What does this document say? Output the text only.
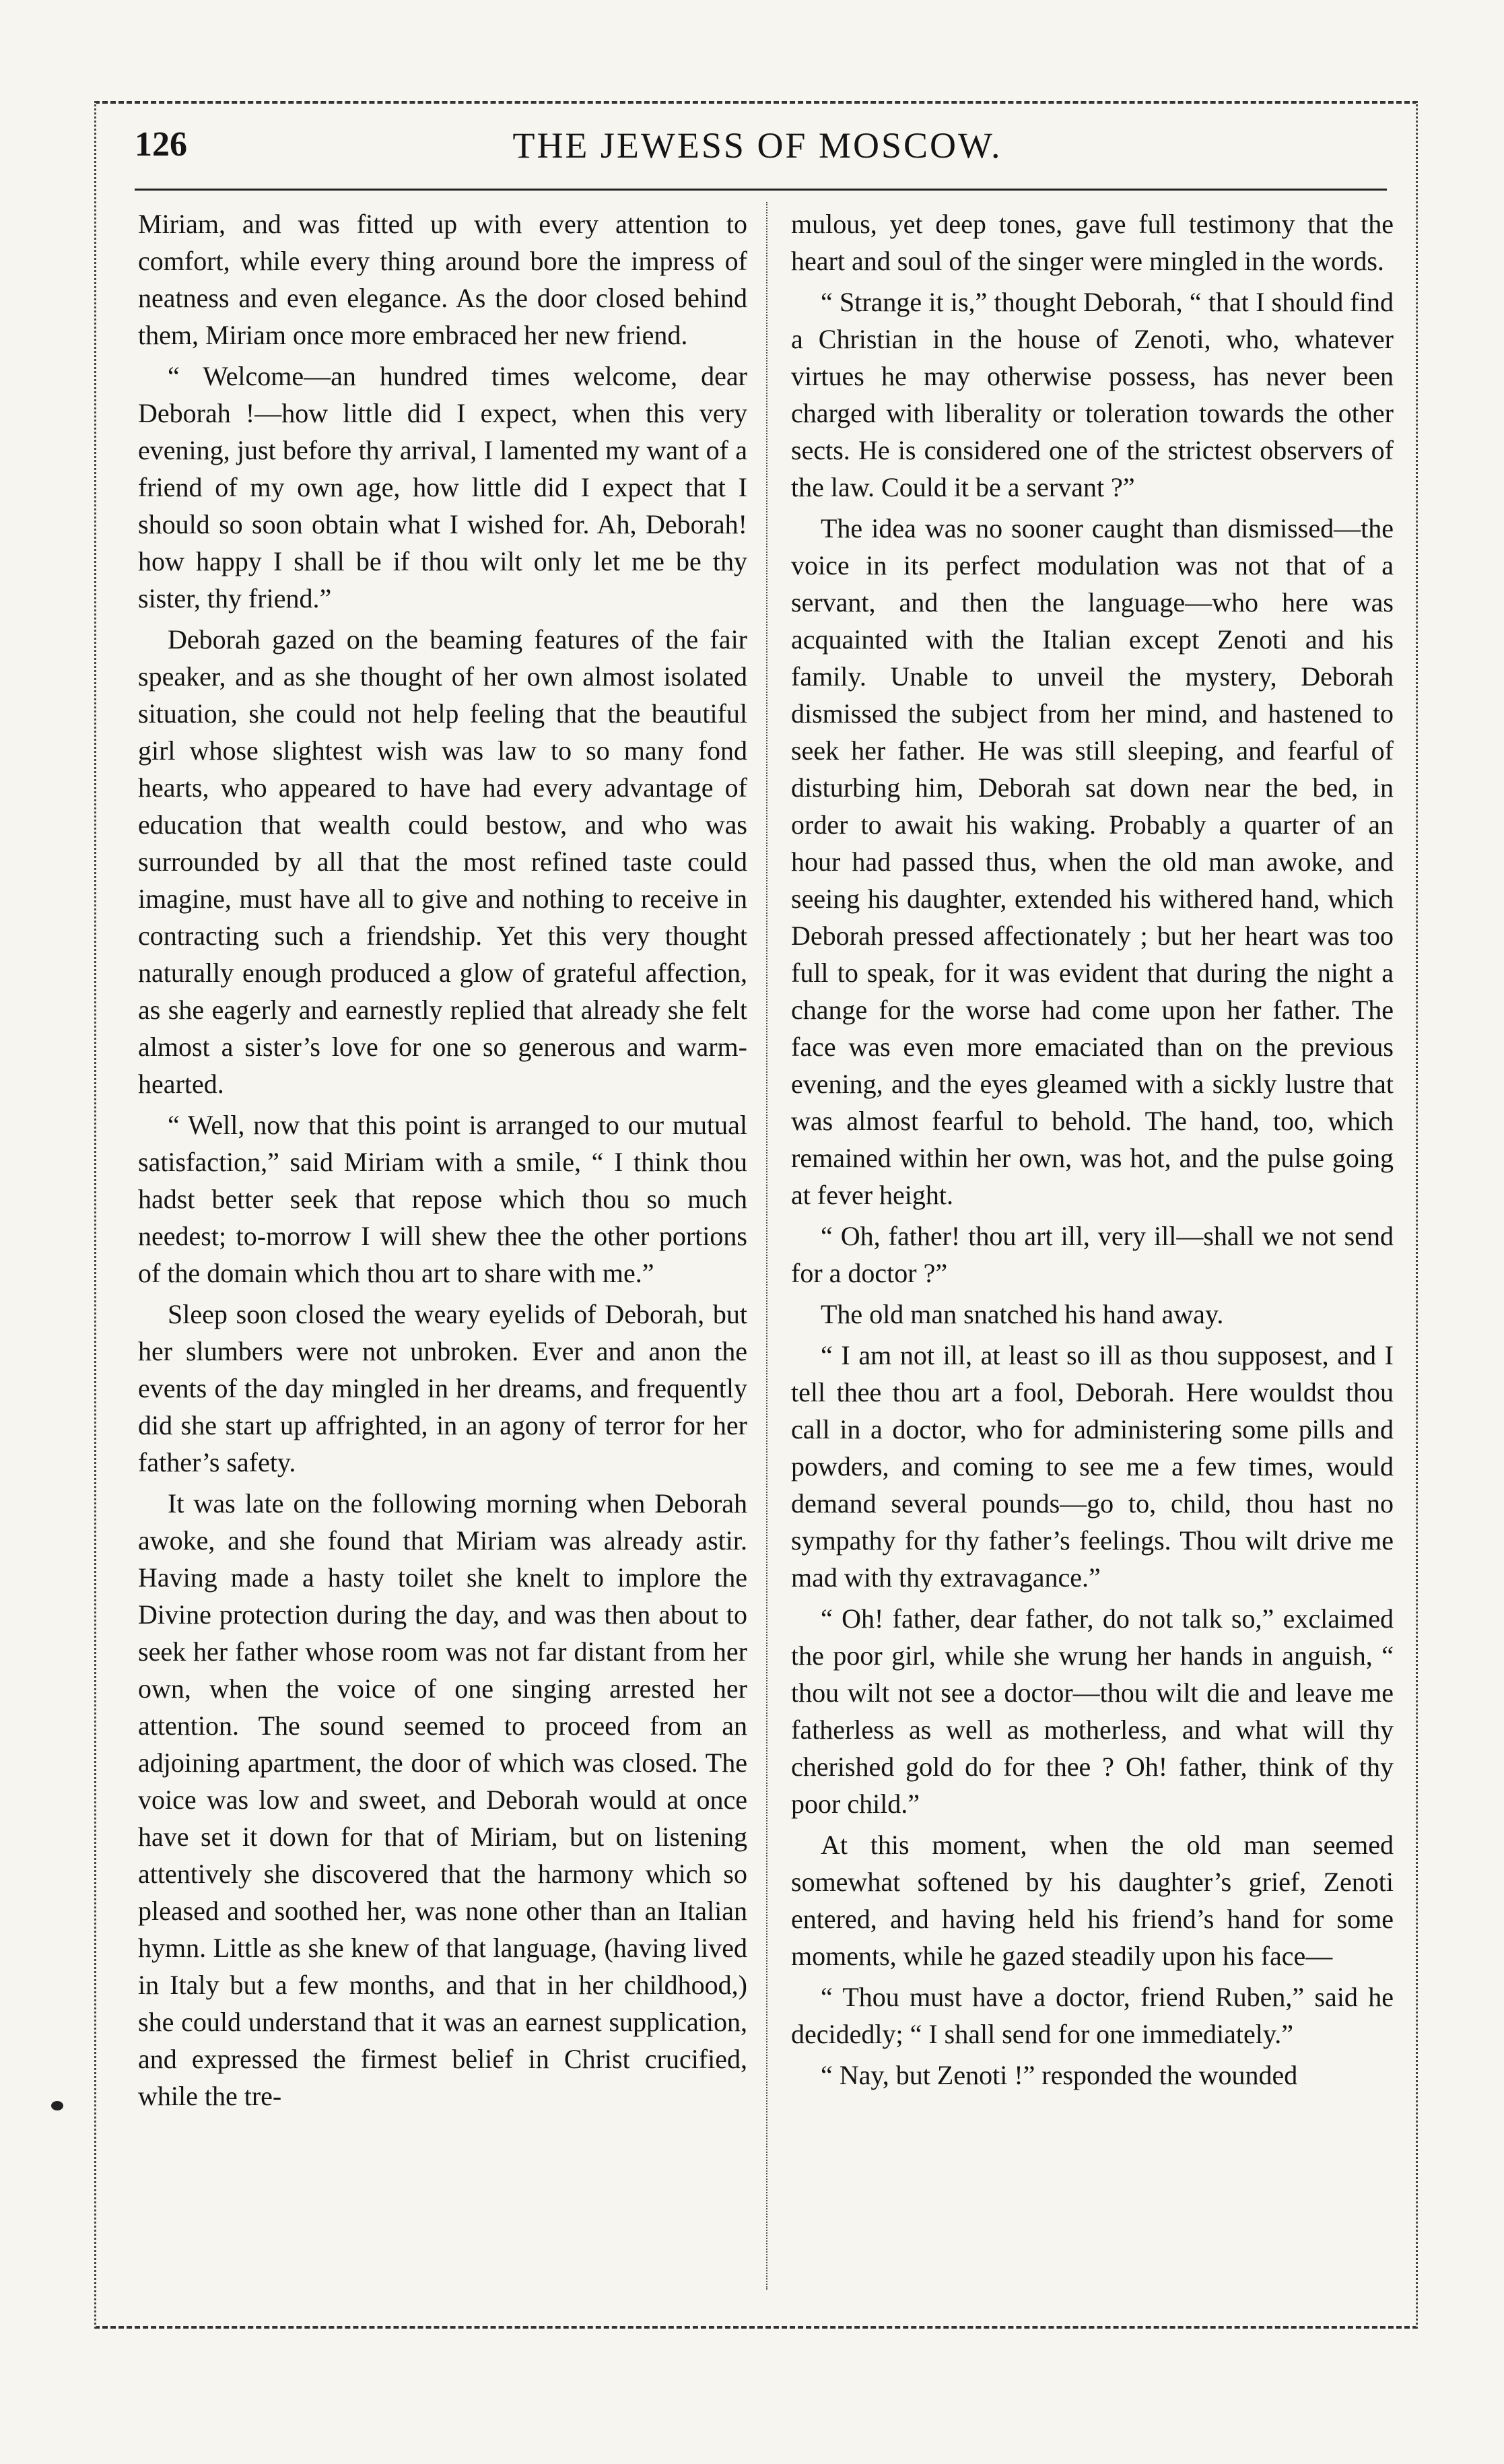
126	THE JEWESS OF MOSCOW.

Miriam, and was fitted up with every attention to comfort, while every thing around bore the impress of neatness and even elegance. As the door closed behind them, Miriam once more embraced her new friend.

“ Welcome—an hundred times welcome, dear Deborah !—how little did I expect, when this very evening, just before thy arrival, I lamented my want of a friend of my own age, how little did I expect that I should so soon obtain what I wished for. Ah, Deborah! how happy I shall be if thou wilt only let me be thy sister, thy friend.”

Deborah gazed on the beaming features of the fair speaker, and as she thought of her own almost isolated situation, she could not help feeling that the beautiful girl whose slightest wish was law to so many fond hearts, who appeared to have had every advantage of education that wealth could bestow, and who was surrounded by all that the most refined taste could imagine, must have all to give and nothing to receive in contracting such a friendship. Yet this very thought naturally enough produced a glow of grateful affection, as she eagerly and earnestly replied that already she felt almost a sister’s love for one so generous and warm-hearted.

“ Well, now that this point is arranged to our mutual satisfaction,” said Miriam with a smile, “ I think thou hadst better seek that repose which thou so much needest; to-morrow I will shew thee the other portions of the domain which thou art to share with me.”

Sleep soon closed the weary eyelids of Deborah, but her slumbers were not unbroken. Ever and anon the events of the day mingled in her dreams, and frequently did she start up affrighted, in an agony of terror for her father’s safety.

It was late on the following morning when Deborah awoke, and she found that Miriam was already astir. Having made a hasty toilet she knelt to implore the Divine protection during the day, and was then about to seek her father whose room was not far distant from her own, when the voice of one singing arrested her attention. The sound seemed to proceed from an adjoining apartment, the door of which was closed. The voice was low and sweet, and Deborah would at once have set it down for that of Miriam, but on listening attentively she discovered that the harmony which so pleased and soothed her, was none other than an Italian hymn. Little as she knew of that language, (having lived in Italy but a few months, and that in her childhood,) she could understand that it was an earnest supplication, and expressed the firmest belief in Christ crucified, while the tre-

mulous, yet deep tones, gave full testimony that the heart and soul of the singer were mingled in the words.

“ Strange it is,” thought Deborah, “ that I should find a Christian in the house of Zenoti, who, whatever virtues he may otherwise possess, has never been charged with liberality or toleration towards the other sects. He is considered one of the strictest observers of the law. Could it be a servant ?”

The idea was no sooner caught than dismissed—the voice in its perfect modulation was not that of a servant, and then the language—who here was acquainted with the Italian except Zenoti and his family. Unable to unveil the mystery, Deborah dismissed the subject from her mind, and hastened to seek her father. He was still sleeping, and fearful of disturbing him, Deborah sat down near the bed, in order to await his waking. Probably a quarter of an hour had passed thus, when the old man awoke, and seeing his daughter, extended his withered hand, which Deborah pressed affectionately ; but her heart was too full to speak, for it was evident that during the night a change for the worse had come upon her father. The face was even more emaciated than on the previous evening, and the eyes gleamed with a sickly lustre that was almost fearful to behold. The hand, too, which remained within her own, was hot, and the pulse going at fever height.

“ Oh, father! thou art ill, very ill—shall we not send for a doctor ?”

The old man snatched his hand away.

“ I am not ill, at least so ill as thou supposest, and I tell thee thou art a fool, Deborah. Here wouldst thou call in a doctor, who for administering some pills and powders, and coming to see me a few times, would demand several pounds—go to, child, thou hast no sympathy for thy father’s feelings. Thou wilt drive me mad with thy extravagance.”

“ Oh! father, dear father, do not talk so,” exclaimed the poor girl, while she wrung her hands in anguish, “ thou wilt not see a doctor—thou wilt die and leave me fatherless as well as motherless, and what will thy cherished gold do for thee ? Oh! father, think of thy poor child.”

At this moment, when the old man seemed somewhat softened by his daughter’s grief, Zenoti entered, and having held his friend’s hand for some moments, while he gazed steadily upon his face—

“ Thou must have a doctor, friend Ruben,” said he decidedly; “ I shall send for one immediately.”

“ Nay, but Zenoti !” responded the wounded
